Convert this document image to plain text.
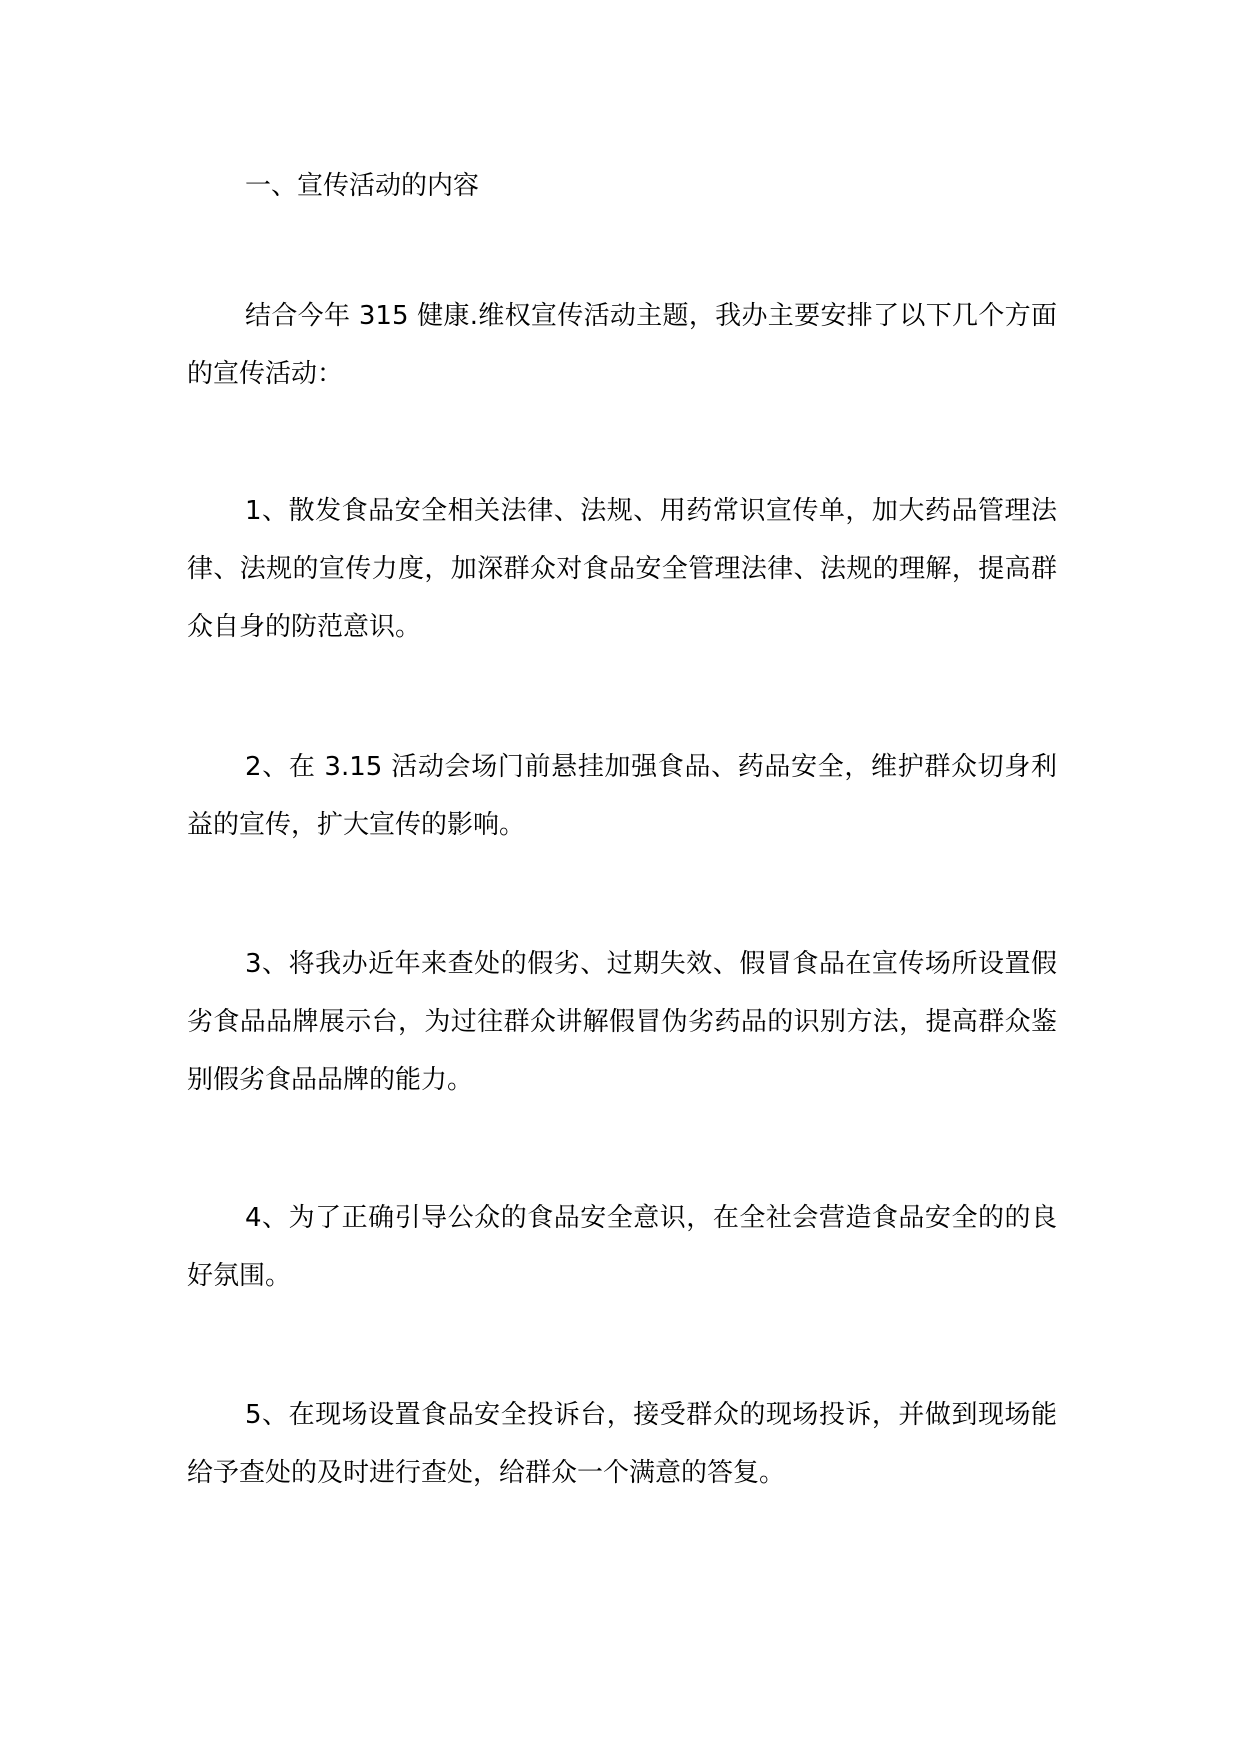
一、宣传活动的内容

结合今年 315 健康.维权宣传活动主题，我办主要安排了以下几个方面的宣传活动：

1、散发食品安全相关法律、法规、用药常识宣传单，加大药品管理法律、法规的宣传力度，加深群众对食品安全管理法律、法规的理解，提高群众自身的防范意识。

2、在 3.15 活动会场门前悬挂加强食品、药品安全，维护群众切身利益的宣传，扩大宣传的影响。

3、将我办近年来查处的假劣、过期失效、假冒食品在宣传场所设置假劣食品品牌展示台，为过往群众讲解假冒伪劣药品的识别方法，提高群众鉴别假劣食品品牌的能力。

4、为了正确引导公众的食品安全意识，在全社会营造食品安全的的良好氛围。

5、在现场设置食品安全投诉台，接受群众的现场投诉，并做到现场能给予查处的及时进行查处，给群众一个满意的答复。
